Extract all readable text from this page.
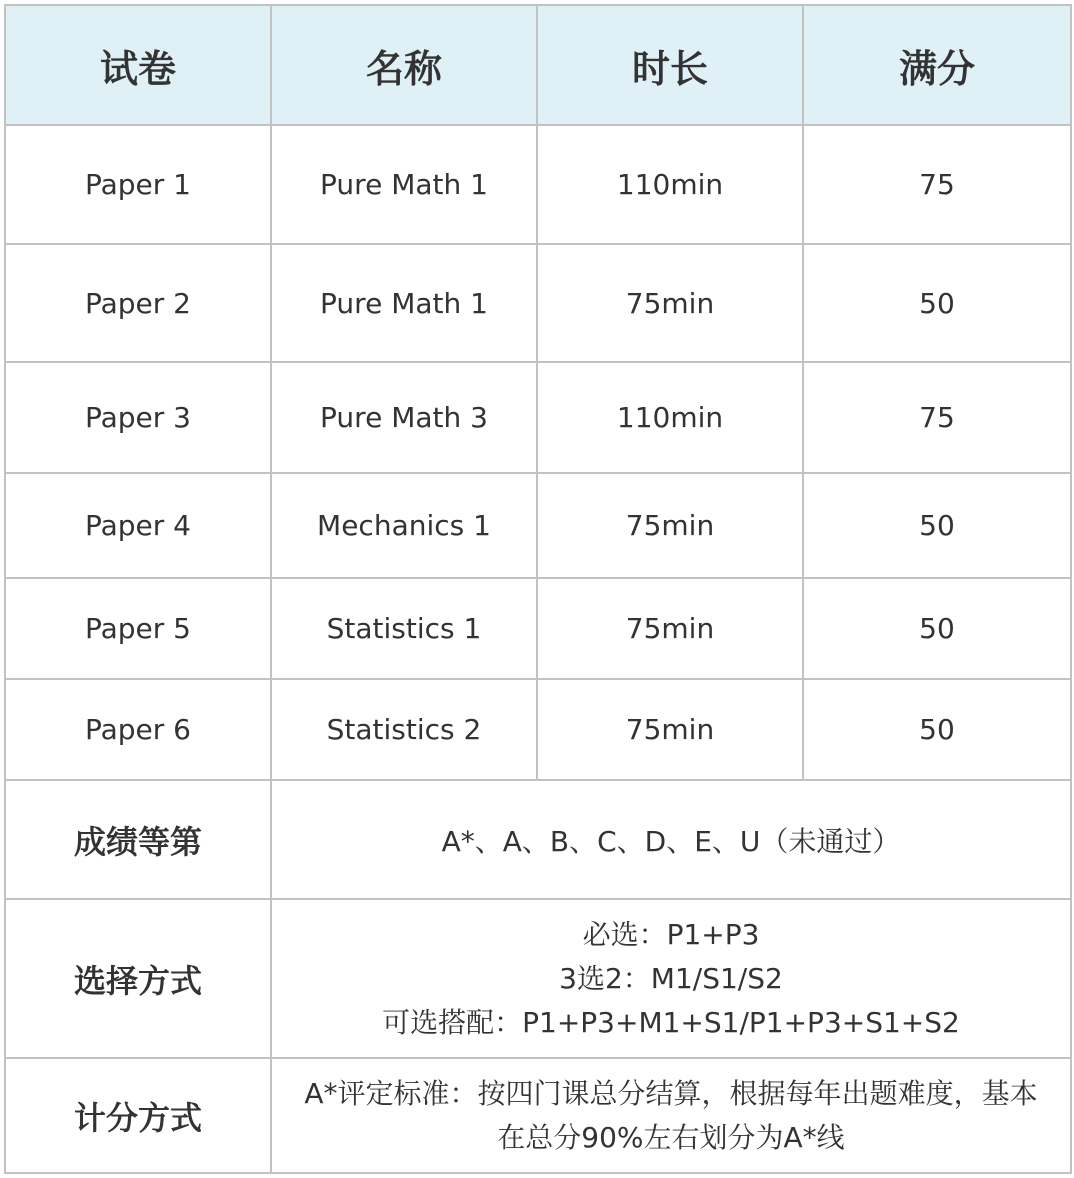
试卷	名称	时长	满分
Paper 1	Pure Math 1	110min	75
Paper 2	Pure Math 1	75min	50
Paper 3	Pure Math 3	110min	75
Paper 4	Mechanics 1	75min	50
Paper 5	Statistics 1	75min	50
Paper 6	Statistics 2	75min	50
成绩等第	A*、A、B、C、D、E、U（未通过）		
选择方式	必选：P1+P3
3选2：M1/S1/S2
可选搭配：P1+P3+M1+S1/P1+P3+S1+S2		

计分方式	A*评定标准：按四门课总分结算，根据每年出题难度，基本
在总分90%左右划分为A*线		
